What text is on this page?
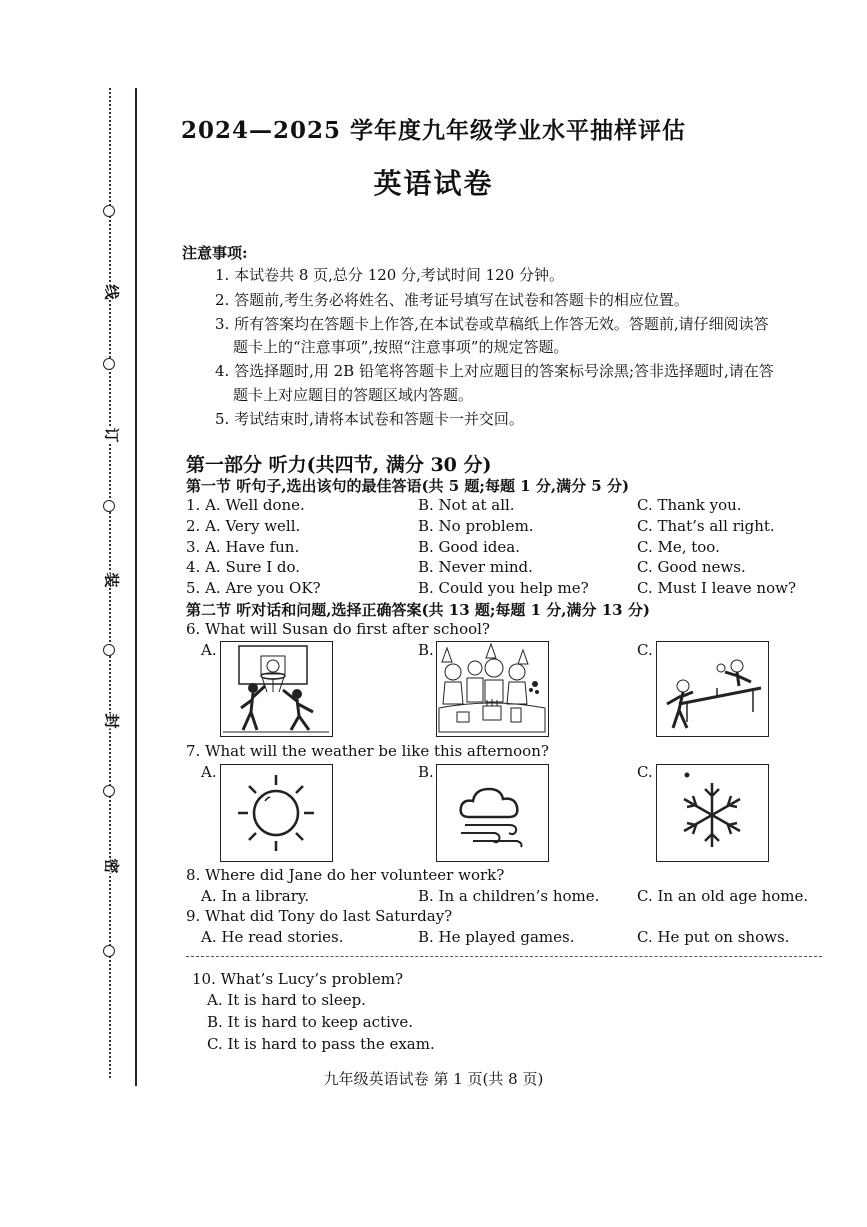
线
订
装
封
密
2024—2025 学年度九年级学业水平抽样评估
英语试卷
注意事项:
1. 本试卷共 8 页,总分 120 分,考试时间 120 分钟。
2. 答题前,考生务必将姓名、准考证号填写在试卷和答题卡的相应位置。
3. 所有答案均在答题卡上作答,在本试卷或草稿纸上作答无效。答题前,请仔细阅读答
题卡上的“注意事项”,按照“注意事项”的规定答题。
4. 答选择题时,用 2B 铅笔将答题卡上对应题目的答案标号涂黑;答非选择题时,请在答
题卡上对应题目的答题区域内答题。
5. 考试结束时,请将本试卷和答题卡一并交回。
第一部分 听力(共四节, 满分 30 分)
第一节 听句子,选出该句的最佳答语(共 5 题;每题 1 分,满分 5 分)
1. A. Well done.	B. Not at all.	C. Thank you.
2. A. Very well.	B. No problem.	C. That’s all right.
3. A. Have fun.	B. Good idea.	C. Me, too.
4. A. Sure I do.	B. Never mind.	C. Good news.
5. A. Are you OK?	B. Could you help me?	C. Must I leave now?
第二节 听对话和问题,选择正确答案(共 13 题;每题 1 分,满分 13 分)
6. What will Susan do first after school?
A.	B.	C.
7. What will the weather be like this afternoon?
A.	B.	C.
8. Where did Jane do her volunteer work?
A. In a library.	B. In a children’s home.	C. In an old age home.
9. What did Tony do last Saturday?
A. He read stories.	B. He played games.	C. He put on shows.
10. What’s Lucy’s problem?
A. It is hard to sleep.
B. It is hard to keep active.
C. It is hard to pass the exam.
九年级英语试卷 第 1 页(共 8 页)
